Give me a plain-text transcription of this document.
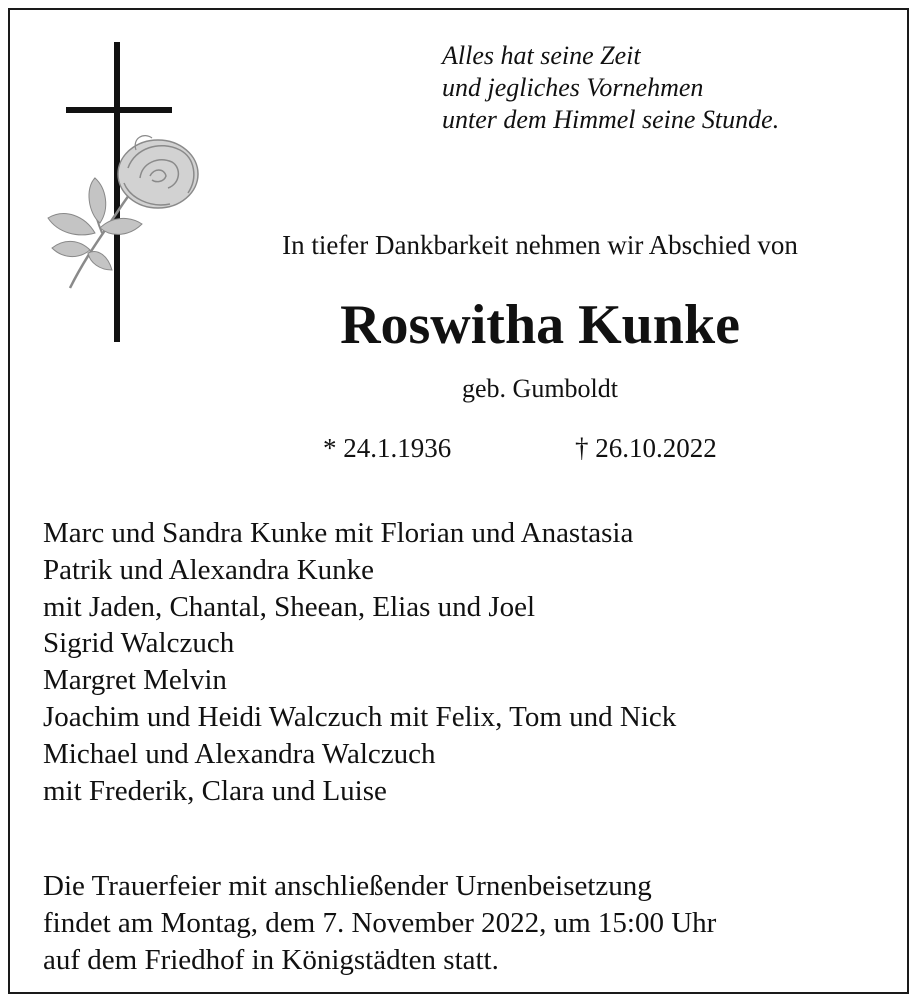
Alles hat seine Zeit
und jegliches Vornehmen
unter dem Himmel seine Stunde.
In tiefer Dankbarkeit nehmen wir Abschied von
Roswitha Kunke
geb. Gumboldt
* 24.1.1936	† 26.10.2022
Marc und Sandra Kunke mit Florian und Anastasia
Patrik und Alexandra Kunke
mit Jaden, Chantal, Sheean, Elias und Joel
Sigrid Walczuch
Margret Melvin
Joachim und Heidi Walczuch mit Felix, Tom und Nick
Michael und Alexandra Walczuch
mit Frederik, Clara und Luise
Die Trauerfeier mit anschließender Urnenbeisetzung
findet am Montag, dem 7. November 2022, um 15:00 Uhr
auf dem Friedhof in Königstädten statt.
